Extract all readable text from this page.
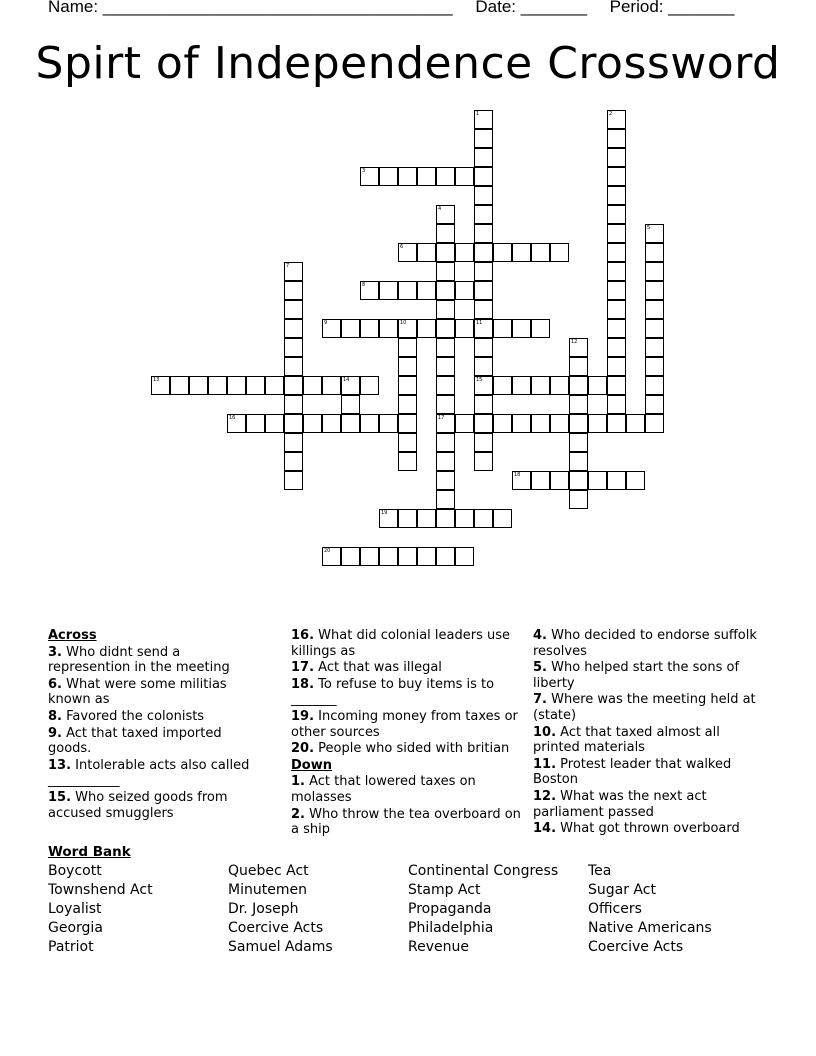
Name: _____________________________________ Date: _______ Period: _______
Spirt of Independence Crossword
1	2
3
4
5
6
7
8
9	10	11
12
13	14	15
16	17
18
19
20

Across

3. Who didnt send a represention in the meeting

6. What were some militias known as

8. Favored the colonists

9. Act that taxed imported goods.

13. Intolerable acts also called ___________

15. Who seized goods from accused smugglers

16. What did colonial leaders use killings as

17. Act that was illegal

18. To refuse to buy items is to _______

19. Incoming money from taxes or other sources

20. People who sided with britian

Down

1. Act that lowered taxes on molasses

2. Who throw the tea overboard on a ship

4. Who decided to endorse suffolk resolves

5. Who helped start the sons of liberty

7. Where was the meeting held at (state)

10. Act that taxed almost all printed materials

11. Protest leader that walked Boston

12. What was the next act parliament passed

14. What got thrown overboard

Word Bank
Boycott	Quebec Act	Continental Congress	Tea
Townshend Act	Minutemen	Stamp Act	Sugar Act
Loyalist	Dr. Joseph	Propaganda	Officers
Georgia	Coercive Acts	Philadelphia	Native Americans
Patriot	Samuel Adams	Revenue	Coercive Acts
